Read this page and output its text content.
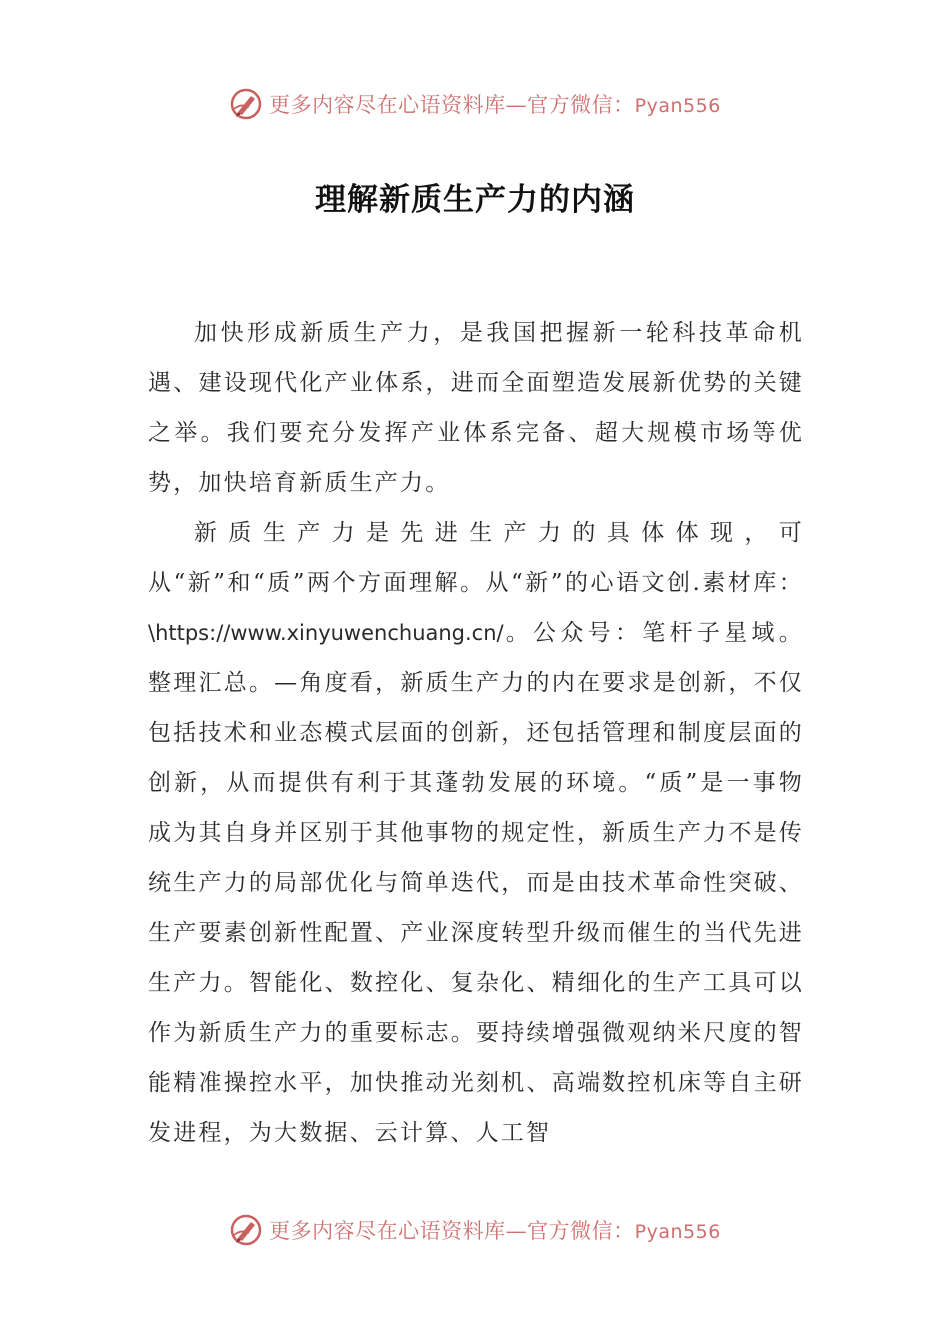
更多内容尽在心语资料库—官方微信：Pyan556
理解新质生产力的内涵

加快形成新质生产力，是我国把握新一轮科技革命机遇、建设现代化产业体系，进而全面塑造发展新优势的关键之举。我们要充分发挥产业体系完备、超大规模市场等优势，加快培育新质生产力。

新质生产力是先进生产力的具体体现，可从“新”和“质”两个方面理解。从“新”的心语文创.素材库：\https://www.xinyuwenchuang.cn/。公众号：笔杆子星域。整理汇总。—角度看，新质生产力的内在要求是创新，不仅包括技术和业态模式层面的创新，还包括管理和制度层面的创新，从而提供有利于其蓬勃发展的环境。“质”是一事物成为其自身并区别于其他事物的规定性，新质生产力不是传统生产力的局部优化与简单迭代，而是由技术革命性突破、生产要素创新性配置、产业深度转型升级而催生的当代先进生产力。智能化、数控化、复杂化、精细化的生产工具可以作为新质生产力的重要标志。要持续增强微观纳米尺度的智能精准操控水平，加快推动光刻机、高端数控机床等自主研发进程，为大数据、云计算、人工智

更多内容尽在心语资料库—官方微信：Pyan556
